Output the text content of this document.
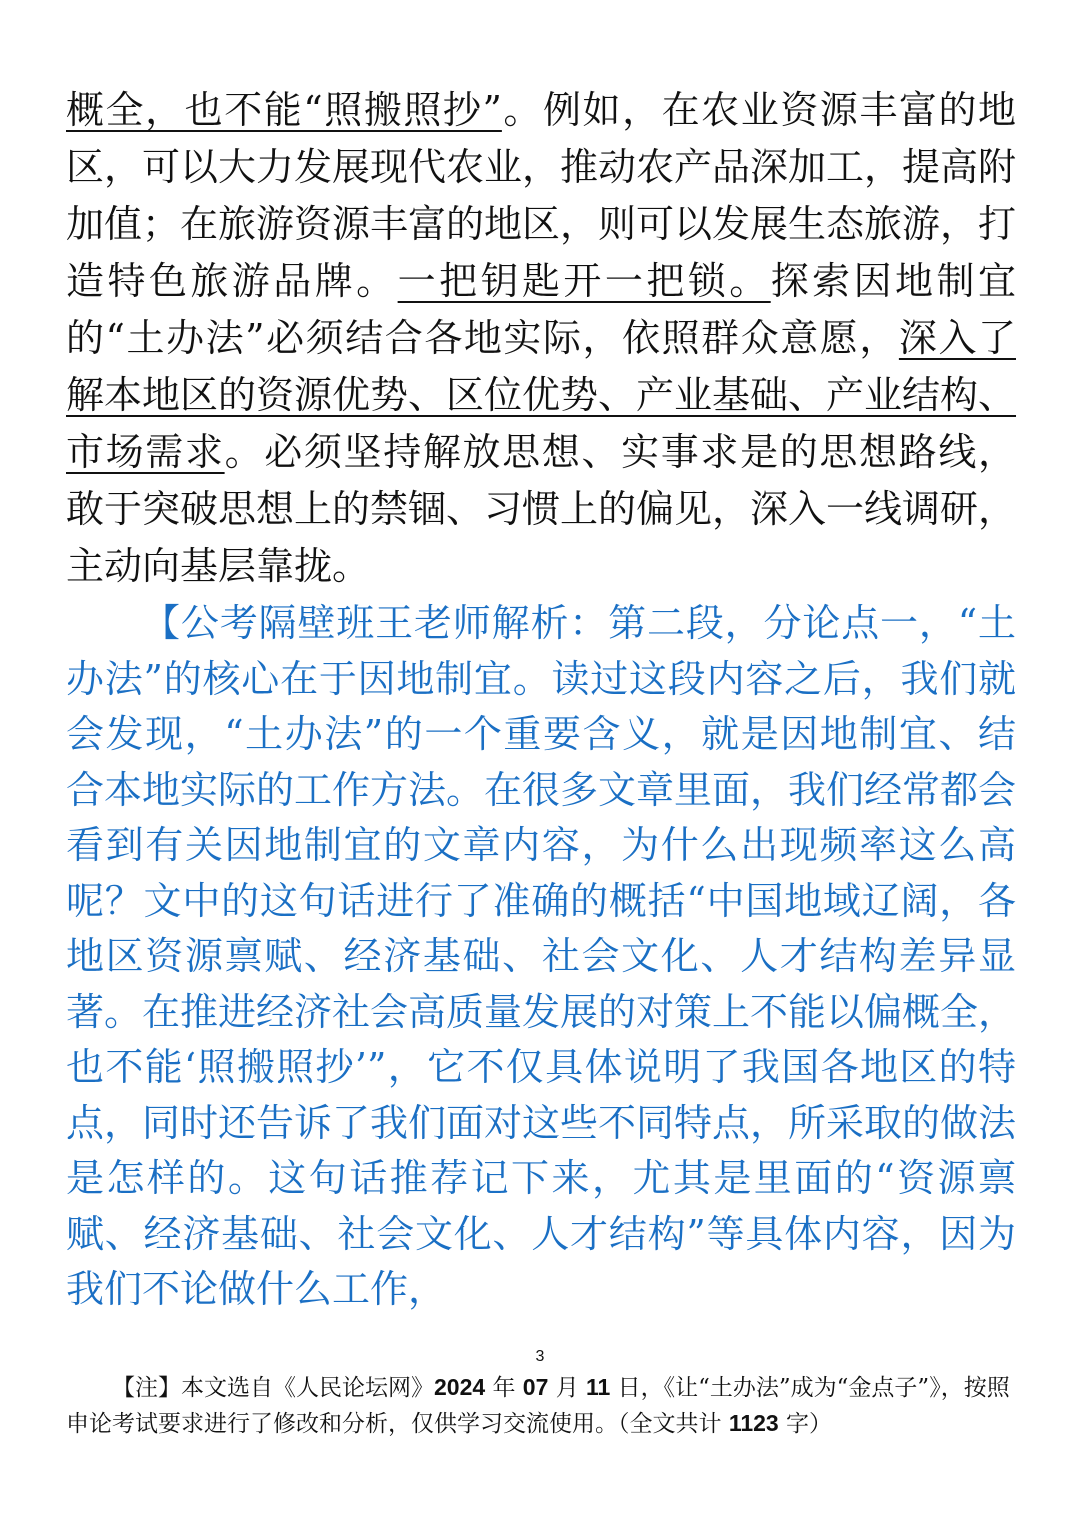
概全，也不能“照搬照抄”。例如，在农业资源丰富的地区，可以大力发展现代农业，推动农产品深加工，提高附加值；在旅游资源丰富的地区，则可以发展生态旅游，打造特色旅游品牌。一把钥匙开一把锁。探索因地制宜的“土办法”必须结合各地实际，依照群众意愿，深入了解本地区的资源优势、区位优势、产业基础、产业结构、市场需求。必须坚持解放思想、实事求是的思想路线，敢于突破思想上的禁锢、习惯上的偏见，深入一线调研，主动向基层靠拢。

【公考隔壁班王老师解析：第二段，分论点一，“土办法”的核心在于因地制宜。读过这段内容之后，我们就会发现，“土办法”的一个重要含义，就是因地制宜、结合本地实际的工作方法。在很多文章里面，我们经常都会看到有关因地制宜的文章内容，为什么出现频率这么高呢？文中的这句话进行了准确的概括“中国地域辽阔，各地区资源禀赋、经济基础、社会文化、人才结构差异显著。在推进经济社会高质量发展的对策上不能以偏概全，也不能‘照搬照抄’”，它不仅具体说明了我国各地区的特点，同时还告诉了我们面对这些不同特点，所采取的做法是怎样的。这句话推荐记下来，尤其是里面的“资源禀赋、经济基础、社会文化、人才结构”等具体内容，因为我们不论做什么工作，

3

【注】本文选自《人民论坛网》2024 年 07 月 11 日，《让“土办法”成为“金点子”》，按照申论考试要求进行了修改和分析，仅供学习交流使用。（全文共计 1123 字）
